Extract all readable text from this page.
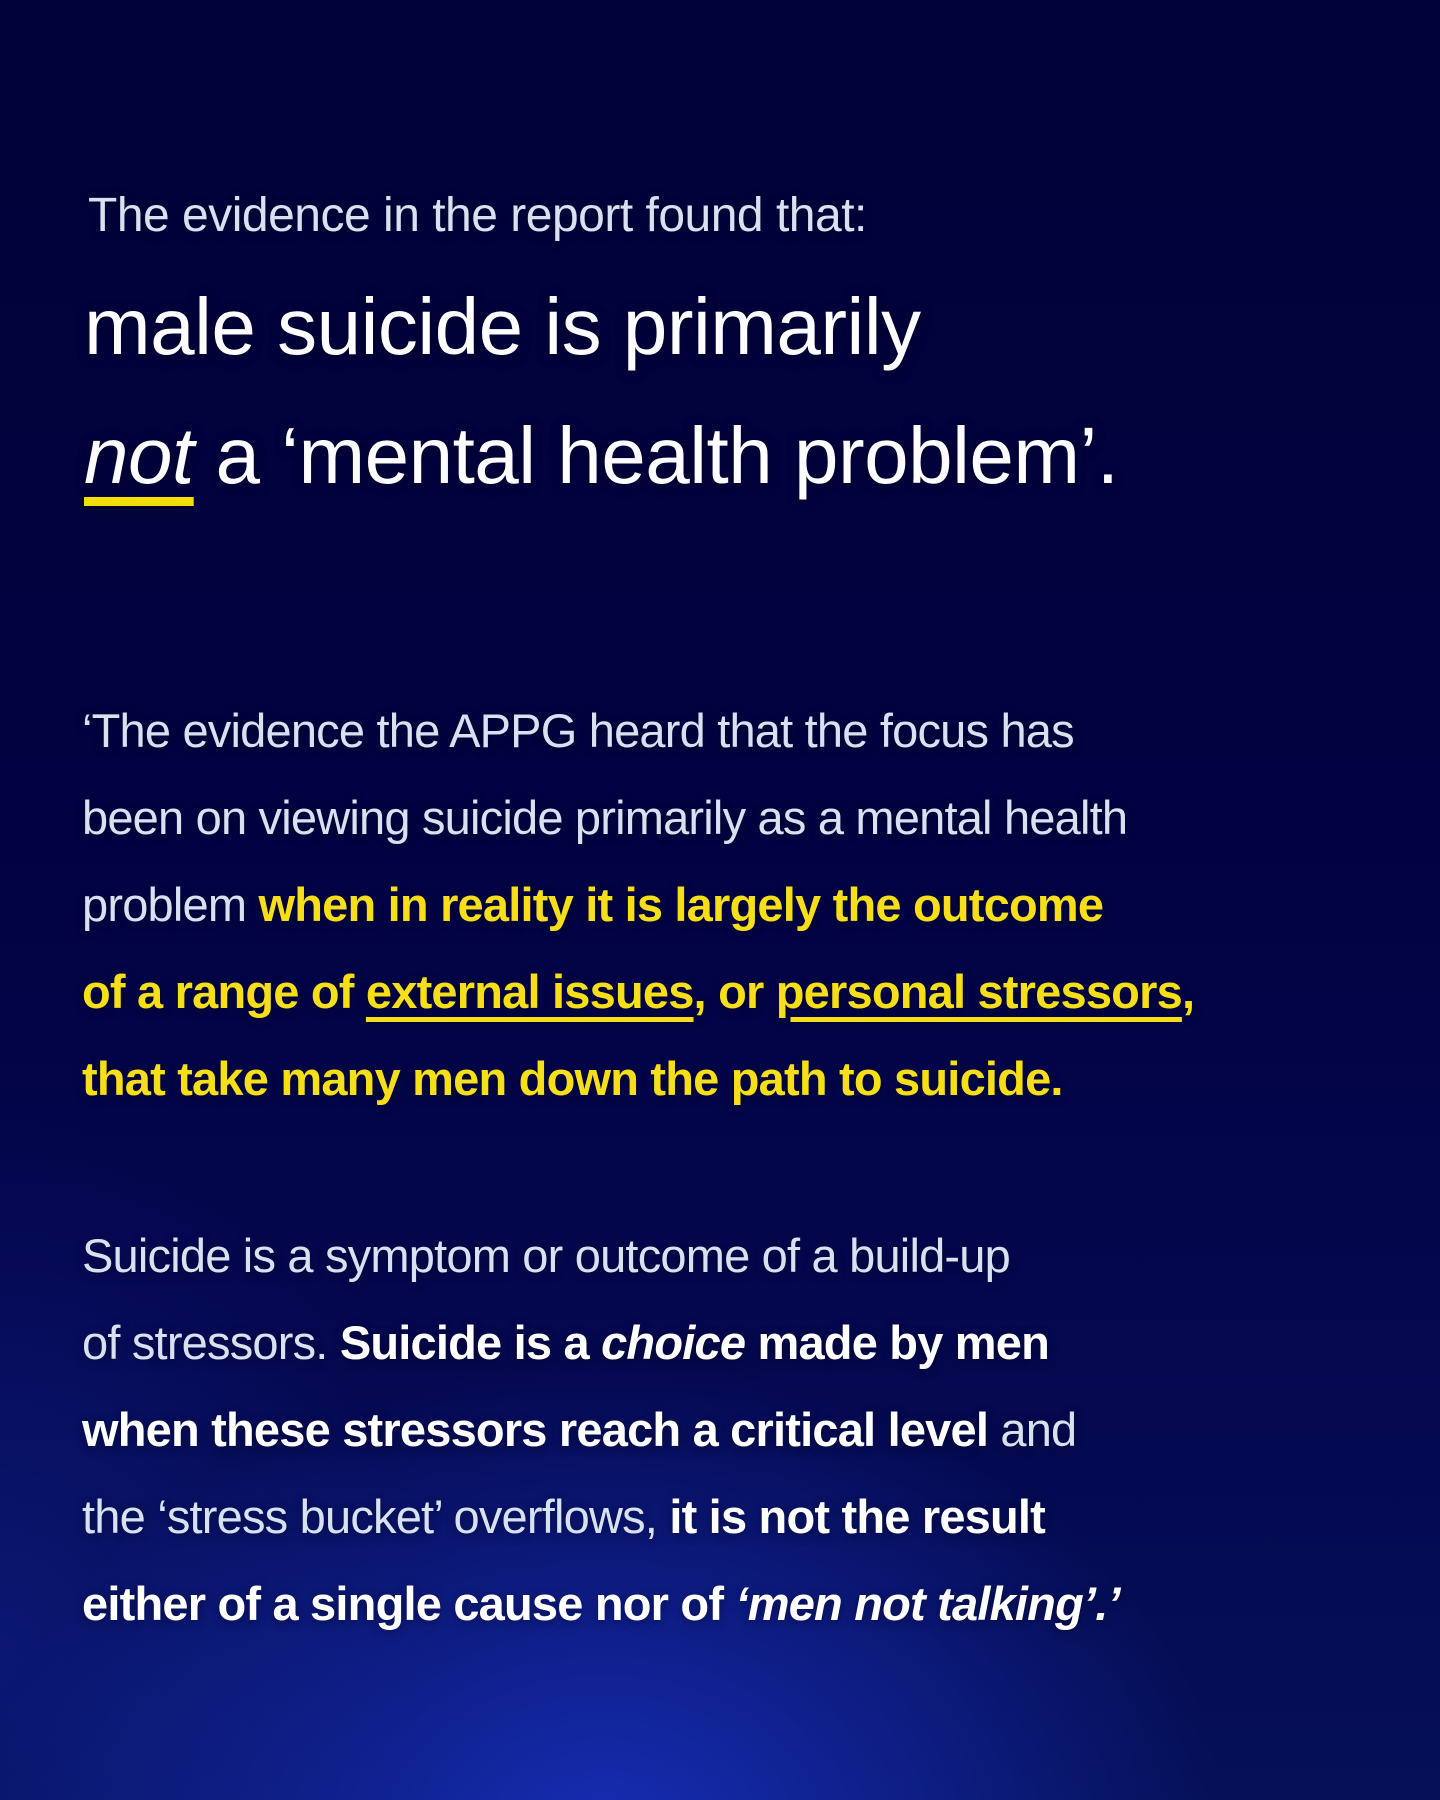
The evidence in the report found that:
male suicide is primarily
not a ‘mental health problem’.
‘The evidence the APPG heard that the focus has
been on viewing suicide primarily as a mental health
problem when in reality it is largely the outcome
of a range of external issues, or personal stressors,
that take many men down the path to suicide.
Suicide is a symptom or outcome of a build-up
of stressors. Suicide is a choice made by men
when these stressors reach a critical level and
the ‘stress bucket’ overflows, it is not the result
either of a single cause nor of ‘men not talking’.’
